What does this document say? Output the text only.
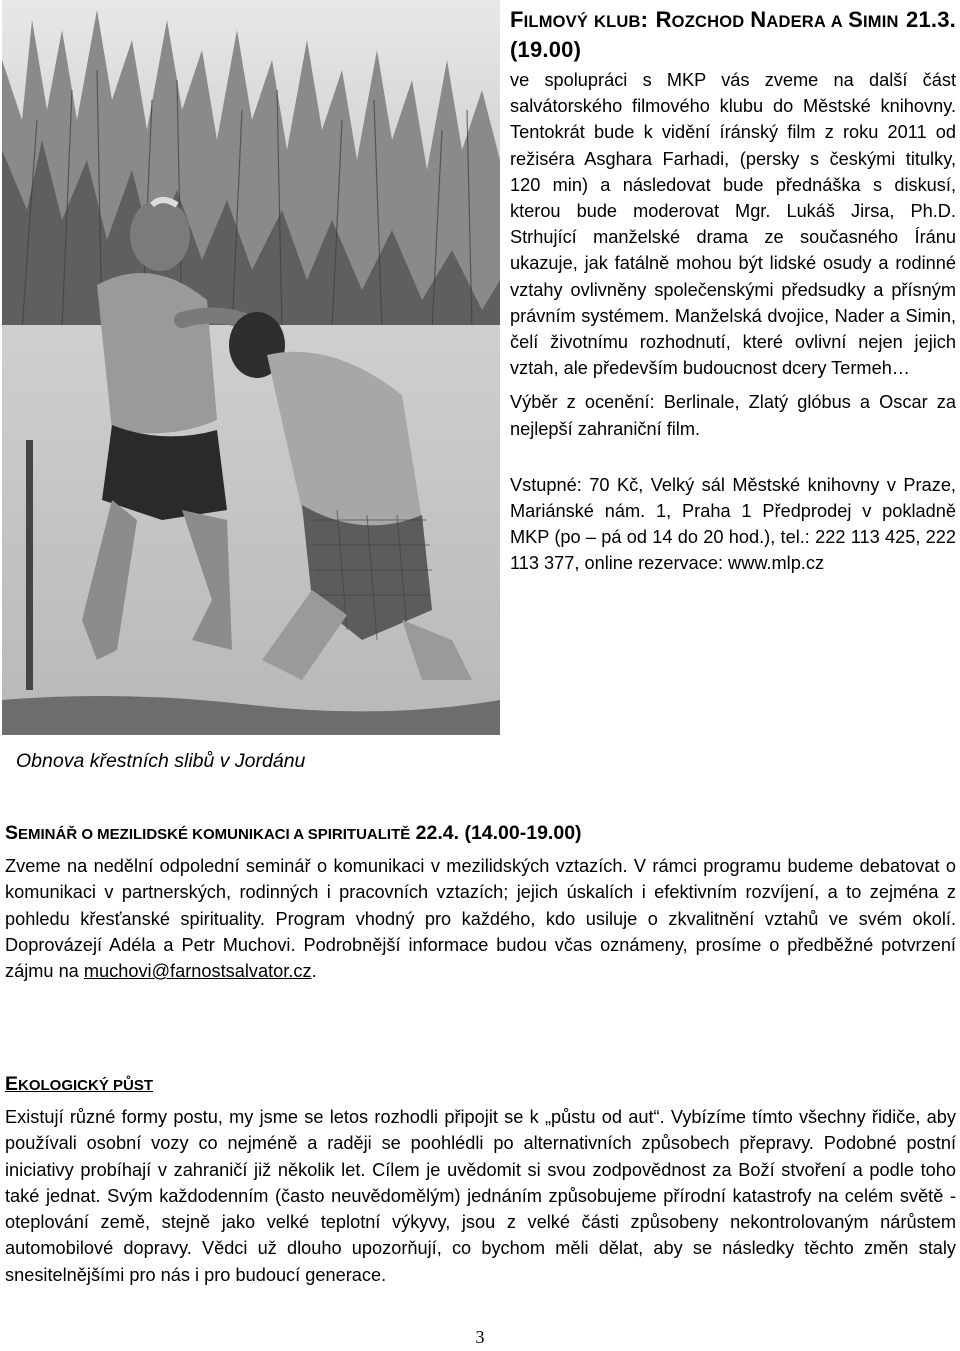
Obnova křestních slibů v Jordánu
FILMOVÝ KLUB: ROZCHOD NADERA A SIMIN 21.3. (19.00)

ve spolupráci s MKP vás zveme na další část salvátorského filmového klubu do Městské knihovny. Tentokrát bude k vidění íránský film z roku 2011 od režiséra Asghara Farhadi, (persky s českými titulky, 120 min) a následovat bude přednáška s diskusí, kterou bude moderovat Mgr. Lukáš Jirsa, Ph.D. Strhující manželské drama ze současného Íránu ukazuje, jak fatálně mohou být lidské osudy a rodinné vztahy ovlivněny společenskými předsudky a přísným právním systémem. Manželská dvojice, Nader a Simin, čelí životnímu rozhodnutí, které ovlivní nejen jejich vztah, ale především budoucnost dcery Termeh…

Výběr z ocenění: Berlinale, Zlatý glóbus a Oscar za nejlepší zahraniční film.

Vstupné: 70 Kč, Velký sál Městské knihovny v Praze, Mariánské nám. 1, Praha 1 Předprodej v pokladně MKP (po – pá od 14 do 20 hod.), tel.: 222 113 425, 222 113 377, online rezervace: www.mlp.cz

SEMINÁŘ O MEZILIDSKÉ KOMUNIKACI A SPIRITUALITĚ 22.4. (14.00-19.00)

Zveme na nedělní odpolední seminář o komunikaci v mezilidských vztazích. V rámci programu budeme debatovat o komunikaci v partnerských, rodinných i pracovních vztazích; jejich úskalích i efektivním rozvíjení, a to zejména z pohledu křesťanské spirituality. Program vhodný pro každého, kdo usiluje o zkvalitnění vztahů ve svém okolí. Doprovázejí Adéla a Petr Muchovi. Podrobnější informace budou včas oznámeny, prosíme o předběžné potvrzení zájmu na muchovi@farnostsalvator.cz.

EKOLOGICKÝ PŮST

Existují různé formy postu, my jsme se letos rozhodli připojit se k „půstu od aut“. Vybízíme tímto všechny řidiče, aby používali osobní vozy co nejméně a raději se poohlédli po alternativních způsobech přepravy. Podobné postní iniciativy probíhají v zahraničí již několik let. Cílem je uvědomit si svou zodpovědnost za Boží stvoření a podle toho také jednat. Svým každodenním (často neuvědomělým) jednáním způsobujeme přírodní katastrofy na celém světě - oteplování země, stejně jako velké teplotní výkyvy, jsou z velké části způsobeny nekontrolovaným nárůstem automobilové dopravy. Vědci už dlouho upozorňují, co bychom měli dělat, aby se následky těchto změn staly snesitelnějšími pro nás i pro budoucí generace.

3
